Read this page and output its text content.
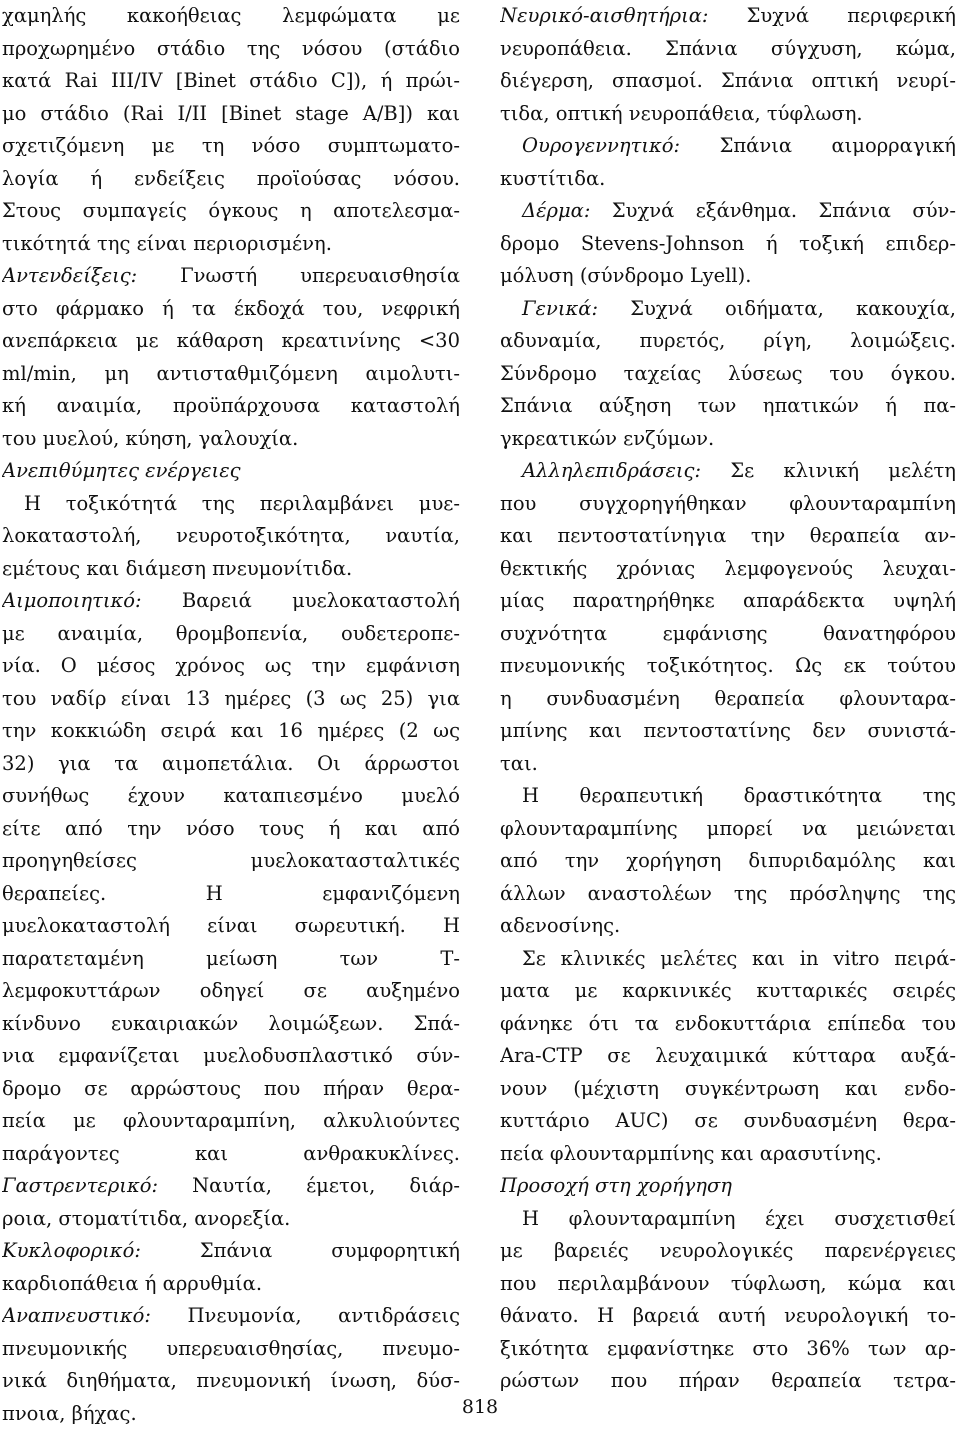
χαμηλής κακοήθειας λεμφώματα με
προχωρημένο στάδιο της νόσου (στάδιο
κατά Rai III/IV [Binet στάδιο C]), ή πρώι-
μο στάδιο (Rai I/II [Binet stage A/B]) και
σχετιζόμενη με τη νόσο συμπτωματο-
λογία ή ενδείξεις προϊούσας νόσου.
Στους συμπαγείς όγκους η αποτελεσμα-
τικότητά της είναι περιορισμένη.
Αντενδείξεις: Γνωστή υπερευαισθησία
στο φάρμακο ή τα έκδοχά του, νεφρική
ανεπάρκεια με κάθαρση κρεατινίνης <30
ml/min, μη αντισταθμιζόμενη αιμολυτι-
κή αναιμία, προϋπάρχουσα καταστολή
του μυελού, κύηση, γαλουχία.
Ανεπιθύμητες ενέργειες
Η τοξικότητά της περιλαμβάνει μυε-
λοκαταστολή, νευροτοξικότητα, ναυτία,
εμέτους και διάμεση πνευμονίτιδα.
Αιμοποιητικό: Βαρειά μυελοκαταστολή
με αναιμία, θρομβοπενία, ουδετεροπε-
νία. Ο μέσος χρόνος ως την εμφάνιση
του ναδίρ είναι 13 ημέρες (3 ως 25) για
την κοκκιώδη σειρά και 16 ημέρες (2 ως
32) για τα αιμοπετάλια. Οι άρρωστοι
συνήθως έχουν καταπιεσμένο μυελό
είτε από την νόσο τους ή και από
προηγηθείσες μυελοκατασταλτικές
θεραπείες. Η εμφανιζόμενη
μυελοκαταστολή είναι σωρευτική. Η
παρατεταμένη μείωση των Τ-
λεμφοκυττάρων οδηγεί σε αυξημένο
κίνδυνο ευκαιριακών λοιμώξεων. Σπά-
νια εμφανίζεται μυελοδυσπλαστικό σύν-
δρομο σε αρρώστους που πήραν θερα-
πεία με φλουνταραμπίνη, αλκυλιούντες
παράγοντες και ανθρακυκλίνες.
Γαστρεντερικό: Ναυτία, έμετοι, διάρ-
ροια, στοματίτιδα, ανορεξία.
Κυκλοφορικό: Σπάνια συμφορητική
καρδιοπάθεια ή αρρυθμία.
Αναπνευστικό: Πνευμονία, αντιδράσεις
πνευμονικής υπερευαισθησίας, πνευμο-
νικά διηθήματα, πνευμονική ίνωση, δύσ-
πνοια, βήχας.
Νευρικό-αισθητήρια: Συχνά περιφερική
νευροπάθεια. Σπάνια σύγχυση, κώμα,
διέγερση, σπασμοί. Σπάνια οπτική νευρί-
τιδα, οπτική νευροπάθεια, τύφλωση.
Ουρογεννητικό: Σπάνια αιμορραγική
κυστίτιδα.
Δέρμα: Συχνά εξάνθημα. Σπάνια σύν-
δρομο Stevens-Johnson ή τοξική επιδερ-
μόλυση (σύνδρομο Lyell).
Γενικά: Συχνά οιδήματα, κακουχία,
αδυναμία, πυρετός, ρίγη, λοιμώξεις.
Σύνδρομο ταχείας λύσεως του όγκου.
Σπάνια αύξηση των ηπατικών ή πα-
γκρεατικών ενζύμων.
Αλληλεπιδράσεις: Σε κλινική μελέτη
που συγχορηγήθηκαν φλουνταραμπίνη
και πεντοστατίνηγια την θεραπεία αν-
θεκτικής χρόνιας λεμφογενούς λευχαι-
μίας παρατηρήθηκε απαράδεκτα υψηλή
συχνότητα εμφάνισης θανατηφόρου
πνευμονικής τοξικότητος. Ως εκ τούτου
η συνδυασμένη θεραπεία φλουνταρα-
μπίνης και πεντοστατίνης δεν συνιστά-
ται.
Η θεραπευτική δραστικότητα της
φλουνταραμπίνης μπορεί να μειώνεται
από την χορήγηση διπυριδαμόλης και
άλλων αναστολέων της πρόσληψης της
αδενοσίνης.
Σε κλινικές μελέτες και in vitro πειρά-
ματα με καρκινικές κυτταρικές σειρές
φάνηκε ότι τα ενδοκυττάρια επίπεδα του
Ara-CTP σε λευχαιμικά κύτταρα αυξά-
νουν (μέχιστη συγκέντρωση και ενδο-
κυττάριο AUC) σε συνδυασμένη θερα-
πεία φλουνταρμπίνης και αρασυτίνης.
Προσοχή στη χορήγηση
Η φλουνταραμπίνη έχει συσχετισθεί
με βαρειές νευρολογικές παρενέργειες
που περιλαμβάνουν τύφλωση, κώμα και
θάνατο. Η βαρειά αυτή νευρολογική το-
ξικότητα εμφανίστηκε στο 36% των αρ-
ρώστων που πήραν θεραπεία τετρα-
818
